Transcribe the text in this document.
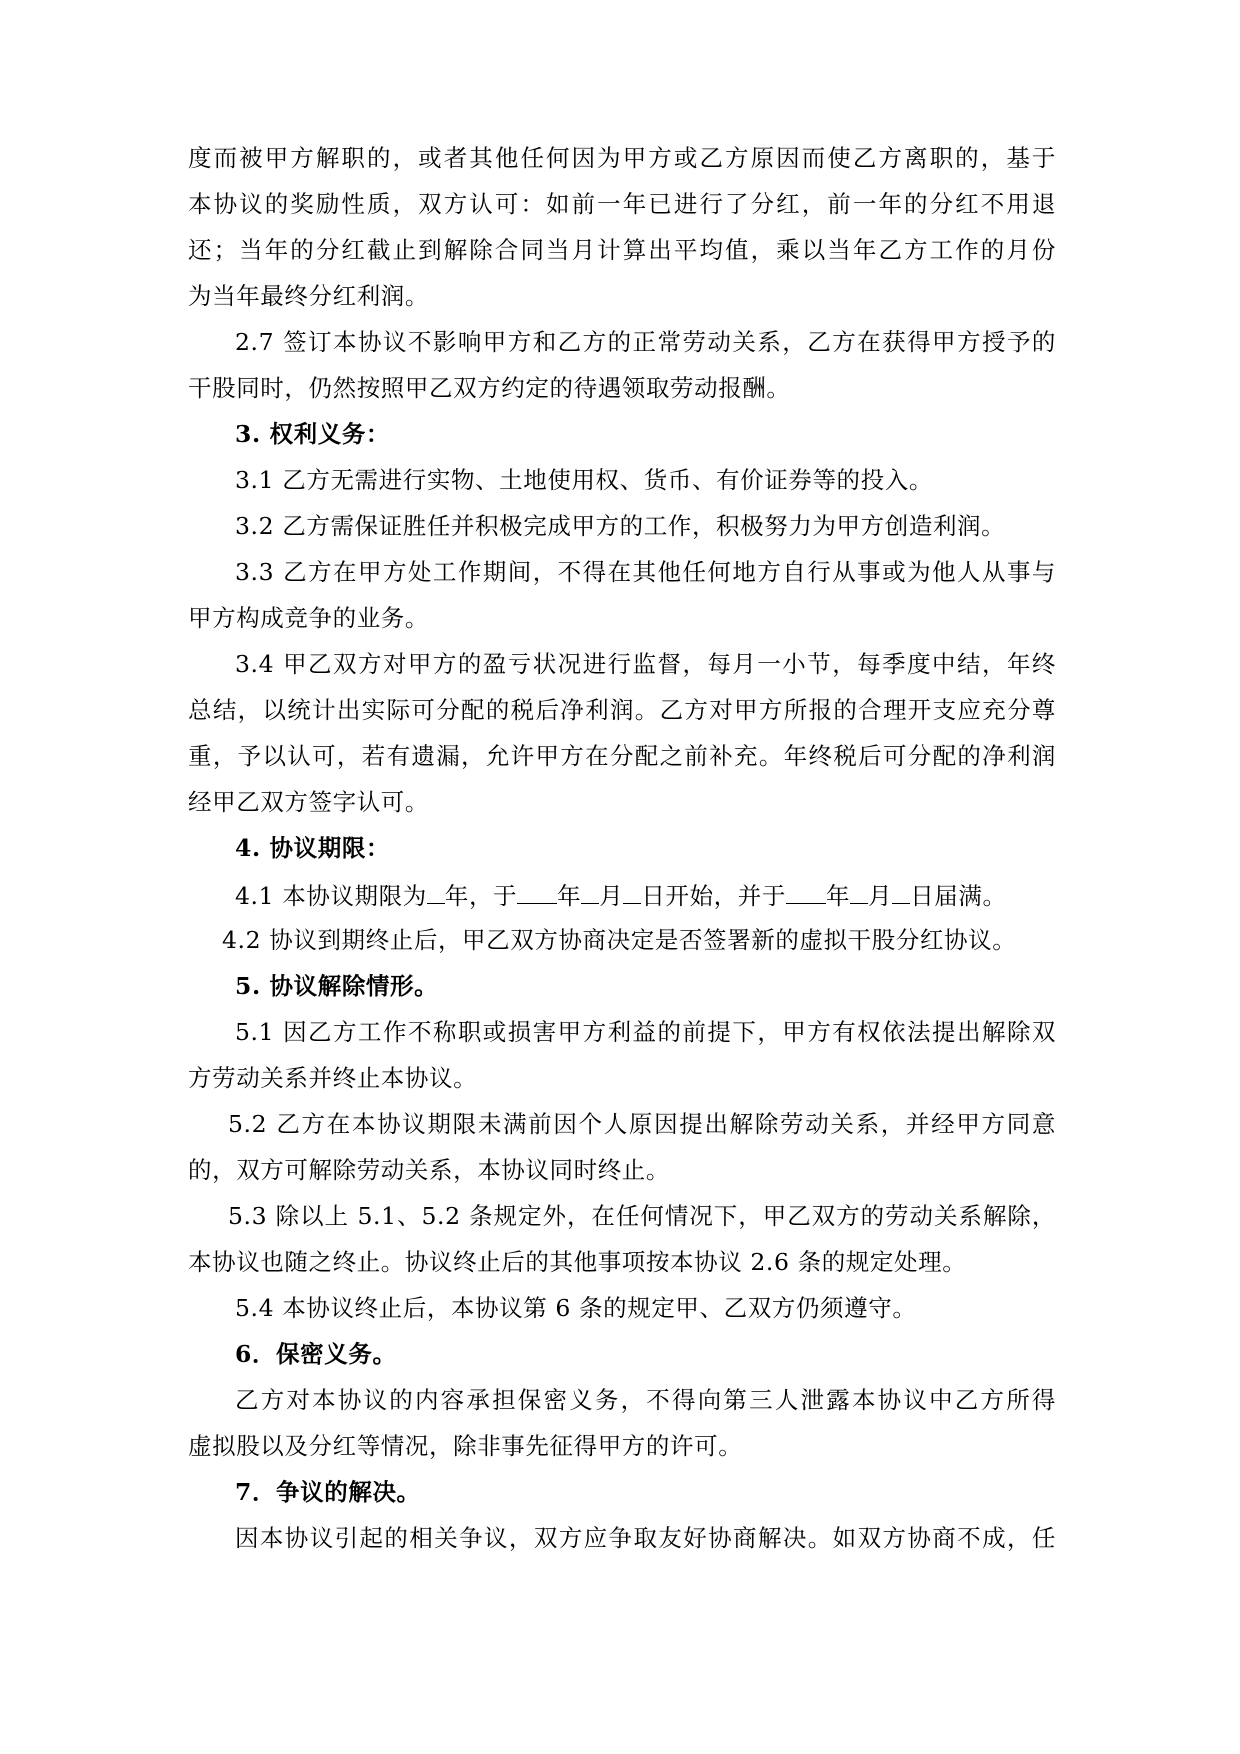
度而被甲方解职的，或者其他任何因为甲方或乙方原因而使乙方离职的，基于
本协议的奖励性质，双方认可：如前一年已进行了分红，前一年的分红不用退
还；当年的分红截止到解除合同当月计算出平均值，乘以当年乙方工作的月份
为当年最终分红利润。
2.7 签订本协议不影响甲方和乙方的正常劳动关系，乙方在获得甲方授予的
干股同时，仍然按照甲乙双方约定的待遇领取劳动报酬。
3. 权利义务：
3.1 乙方无需进行实物、土地使用权、货币、有价证券等的投入。
3.2 乙方需保证胜任并积极完成甲方的工作，积极努力为甲方创造利润。
3.3 乙方在甲方处工作期间，不得在其他任何地方自行从事或为他人从事与
甲方构成竞争的业务。
3.4 甲乙双方对甲方的盈亏状况进行监督，每月一小节，每季度中结，年终
总结，以统计出实际可分配的税后净利润。乙方对甲方所报的合理开支应充分尊
重，予以认可，若有遗漏，允许甲方在分配之前补充。年终税后可分配的净利润
经甲乙双方签字认可。
4. 协议期限：
4.1 本协议期限为 年，于 年 月 日开始，并于 年 月 日届满。
4.2 协议到期终止后，甲乙双方协商决定是否签署新的虚拟干股分红协议。
5. 协议解除情形。
5.1 因乙方工作不称职或损害甲方利益的前提下，甲方有权依法提出解除双
方劳动关系并终止本协议。
5.2 乙方在本协议期限未满前因个人原因提出解除劳动关系，并经甲方同意
的，双方可解除劳动关系，本协议同时终止。
5.3 除以上 5.1、5.2 条规定外，在任何情况下，甲乙双方的劳动关系解除，
本协议也随之终止。协议终止后的其他事项按本协议 2.6 条的规定处理。
5.4 本协议终止后，本协议第 6 条的规定甲、乙双方仍须遵守。
6．保密义务。
乙方对本协议的内容承担保密义务，不得向第三人泄露本协议中乙方所得
虚拟股以及分红等情况，除非事先征得甲方的许可。
7．争议的解决。
因本协议引起的相关争议，双方应争取友好协商解决。如双方协商不成，任
